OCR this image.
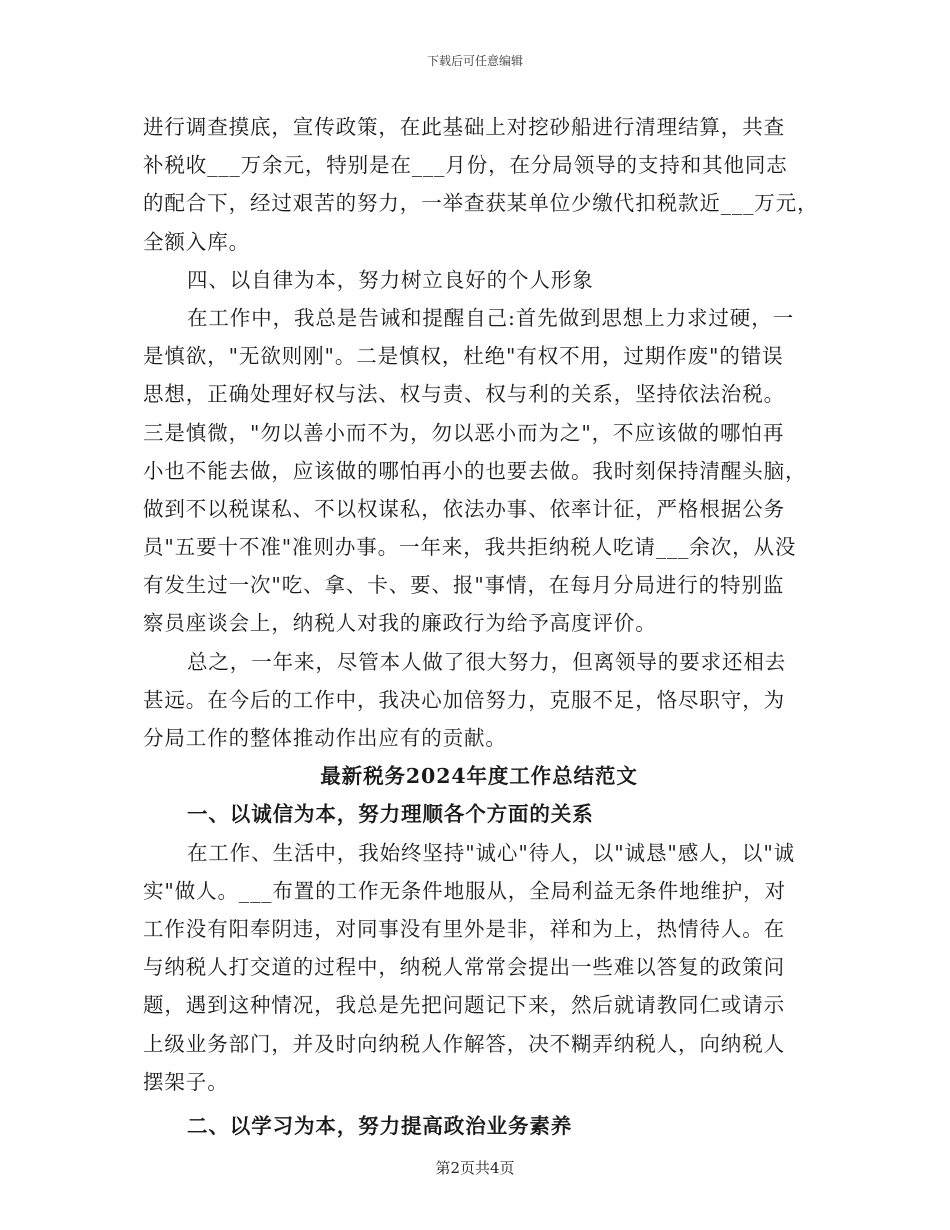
下载后可任意编辑
进行调查摸底，宣传政策，在此基础上对挖砂船进行清理结算，共查
补税收___万余元，特别是在___月份，在分局领导的支持和其他同志
的配合下，经过艰苦的努力，一举查获某单位少缴代扣税款近___万元，
全额入库。
四、以自律为本，努力树立良好的个人形象
在工作中，我总是告诫和提醒自己:首先做到思想上力求过硬，一
是慎欲，"无欲则刚"。二是慎权，杜绝"有权不用，过期作废"的错误
思想，正确处理好权与法、权与责、权与利的关系，坚持依法治税。
三是慎微，"勿以善小而不为，勿以恶小而为之"，不应该做的哪怕再
小也不能去做，应该做的哪怕再小的也要去做。我时刻保持清醒头脑，
做到不以税谋私、不以权谋私，依法办事、依率计征，严格根据公务
员"五要十不准"准则办事。一年来，我共拒纳税人吃请___余次，从没
有发生过一次"吃、拿、卡、要、报"事情，在每月分局进行的特别监
察员座谈会上，纳税人对我的廉政行为给予高度评价。
总之，一年来，尽管本人做了很大努力，但离领导的要求还相去
甚远。在今后的工作中，我决心加倍努力，克服不足，恪尽职守，为
分局工作的整体推动作出应有的贡献。
最新税务2024年度工作总结范文
一、以诚信为本，努力理顺各个方面的关系
在工作、生活中，我始终坚持"诚心"待人，以"诚恳"感人，以"诚
实"做人。___布置的工作无条件地服从，全局利益无条件地维护，对
工作没有阳奉阴违，对同事没有里外是非，祥和为上，热情待人。在
与纳税人打交道的过程中，纳税人常常会提出一些难以答复的政策问
题，遇到这种情况，我总是先把问题记下来，然后就请教同仁或请示
上级业务部门，并及时向纳税人作解答，决不糊弄纳税人，向纳税人
摆架子。
二、以学习为本，努力提高政治业务素养
第2页共4页
